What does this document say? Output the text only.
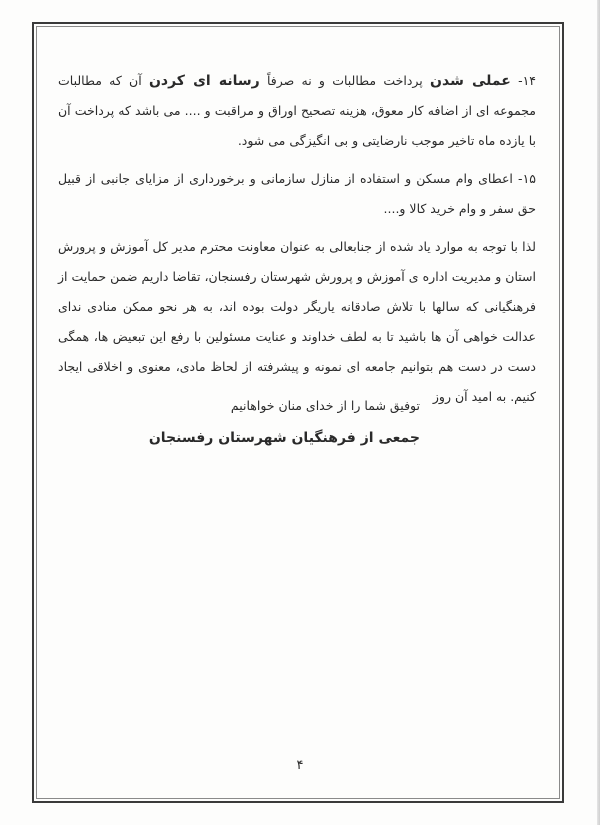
۱۴- عملی شدن پرداخت مطالبات و نه صرفاً رسانه ای کردن آن که مطالبات مجموعه ای از اضافه کار معوق، هزینه تصحیح اوراق و مراقبت و .... می باشد که پرداخت آن با یازده ماه تاخیر موجب نارضایتی و بی انگیزگی می شود.

۱۵- اعطای وام مسکن و استفاده از منازل سازمانی و برخورداری از مزایای جانبی از قبیل حق سفر و وام خرید کالا و....

لذا با توجه به موارد یاد شده از جنابعالی به عنوان معاونت محترم مدیر کل آموزش و پرورش استان و مدیریت اداره ی آموزش و پرورش شهرستان رفسنجان، تقاضا داریم ضمن حمایت از فرهنگیانی که سالها با تلاش صادقانه یاریگر دولت بوده اند، به هر نحو ممکن منادی ندای عدالت خواهی آن ها باشید تا به لطف خداوند و عنایت مسئولین با رفع این تبعیض ها، همگی دست در دست هم بتوانیم جامعه ای نمونه و پیشرفته از لحاظ مادی، معنوی و اخلاقی ایجاد کنیم. به امید آن روز

توفیق شما را از خدای منان خواهانیم
جمعی از فرهنگیان شهرستان رفسنجان
۴
